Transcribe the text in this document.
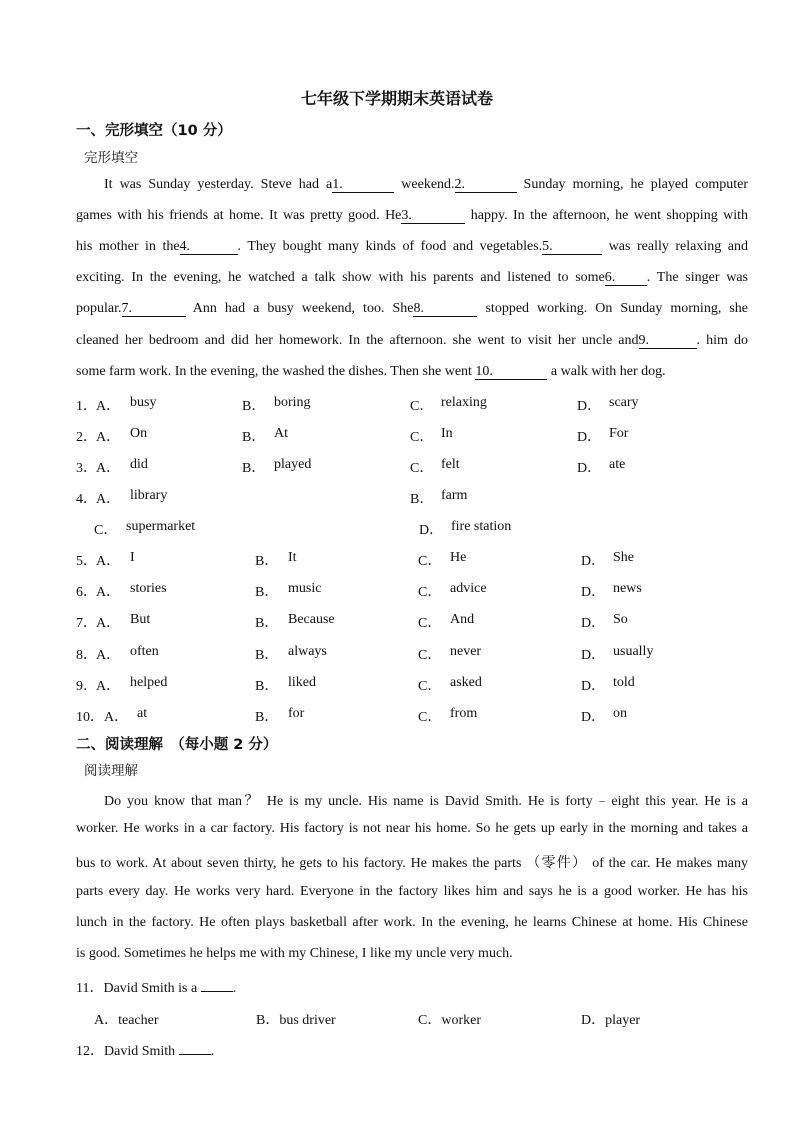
七年级下学期期末英语试卷
一、完形填空（10 分）
完形填空
It was Sunday yesterday. Steve had a1.	weekend.2.	Sunday morning, he played computer
games with his friends at home. It was pretty good. He3.	happy. In the afternoon, he went shopping with
his mother in the4.	. They bought many kinds of food and vegetables.5.	was really relaxing and
exciting. In the evening, he watched a talk show with his parents and listened to some6. . The singer was
popular.7.	Ann had a busy weekend, too. She8.	stopped working. On Sunday morning, she
cleaned her bedroom and did her homework. In the afternoon. she went to visit her uncle and9.	. him do
some farm work. In the evening, the washed the dishes. Then she went 10.	a walk with her dog.
1． A． busy	B． boring	C． relaxing	D． scary
2． A． On	B． At	C． In	D． For
3． A． did	B． played	C． felt	D． ate
4． A． library	B． farm
C． supermarket	D． fire station
5． A． I	B． It	C． He	D． She
6． A． stories	B． music	C． advice	D． news
7． A． But	B． Because	C． And	D． So
8． A． often	B． always	C． never	D． usually
9． A． helped	B． liked	C． asked	D． told
10． A． at	B． for	C． from	D． on
二、阅读理解　（每小题 2 分）
阅读理解
Do you know that man？ He is my uncle. His name is David Smith. He is forty﹣eight this year. He is a
worker. He works in a car factory. His factory is not near his home. So he gets up early in the morning and takes a
bus to work. At about seven thirty, he gets to his factory. He makes the parts （零件） of the car. He makes many
parts every day. He works very hard. Everyone in the factory likes him and says he is a good worker. He has his
lunch in the factory. He often plays basketball after work. In the evening, he learns Chinese at home. His Chinese
is good. Sometimes he helps me with my Chinese, I like my uncle very much.
11．David Smith is a	.
A．teacher	B．bus driver	C．worker	D．player
12．David Smith	.
